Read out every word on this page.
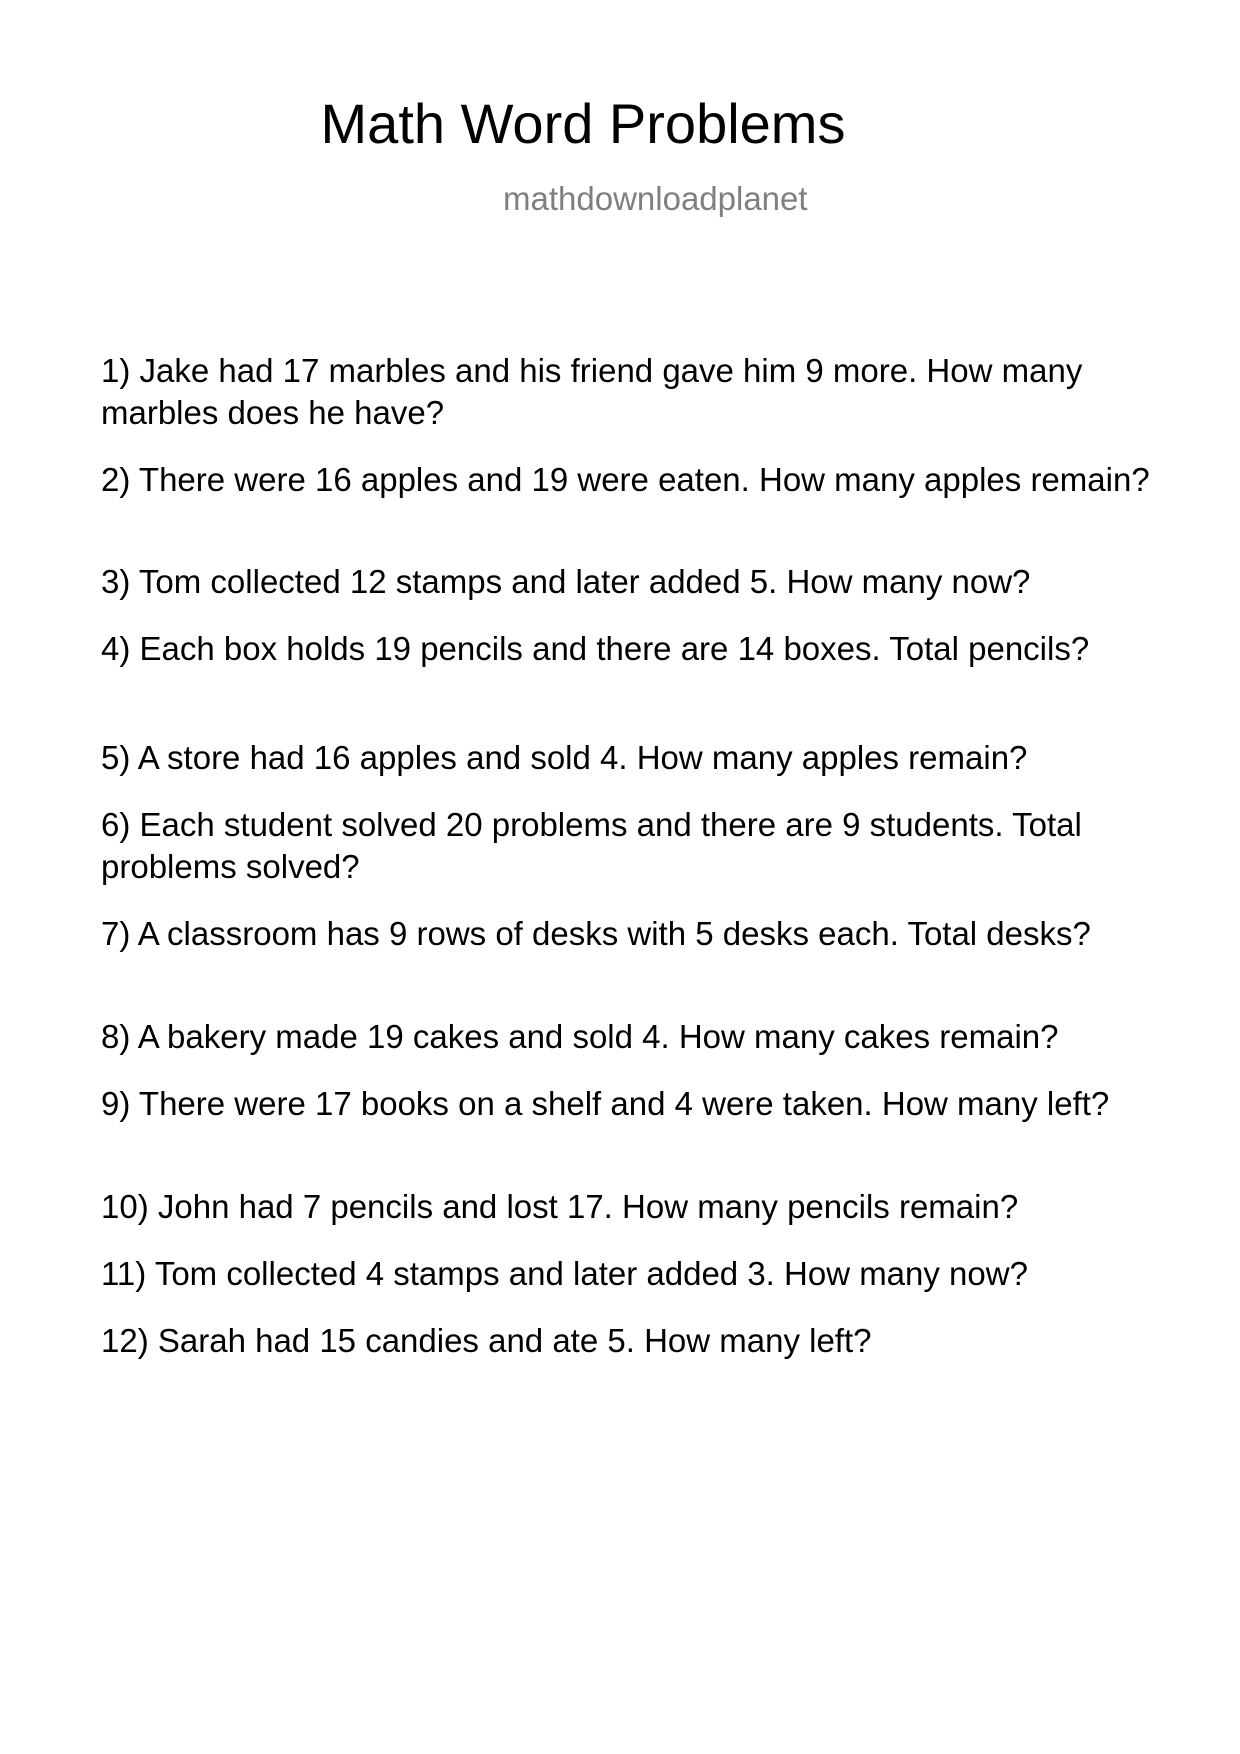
Math Word Problems
mathdownloadplanet

1) Jake had 17 marbles and his friend gave him 9 more. How many marbles does he have?

2) There were 16 apples and 19 were eaten. How many apples remain?

3) Tom collected 12 stamps and later added 5. How many now?

4) Each box holds 19 pencils and there are 14 boxes. Total pencils?

5) A store had 16 apples and sold 4. How many apples remain?

6) Each student solved 20 problems and there are 9 students. Total problems solved?

7) A classroom has 9 rows of desks with 5 desks each. Total desks?

8) A bakery made 19 cakes and sold 4. How many cakes remain?

9) There were 17 books on a shelf and 4 were taken. How many left?

10) John had 7 pencils and lost 17. How many pencils remain?

11) Tom collected 4 stamps and later added 3. How many now?

12) Sarah had 15 candies and ate 5. How many left?
